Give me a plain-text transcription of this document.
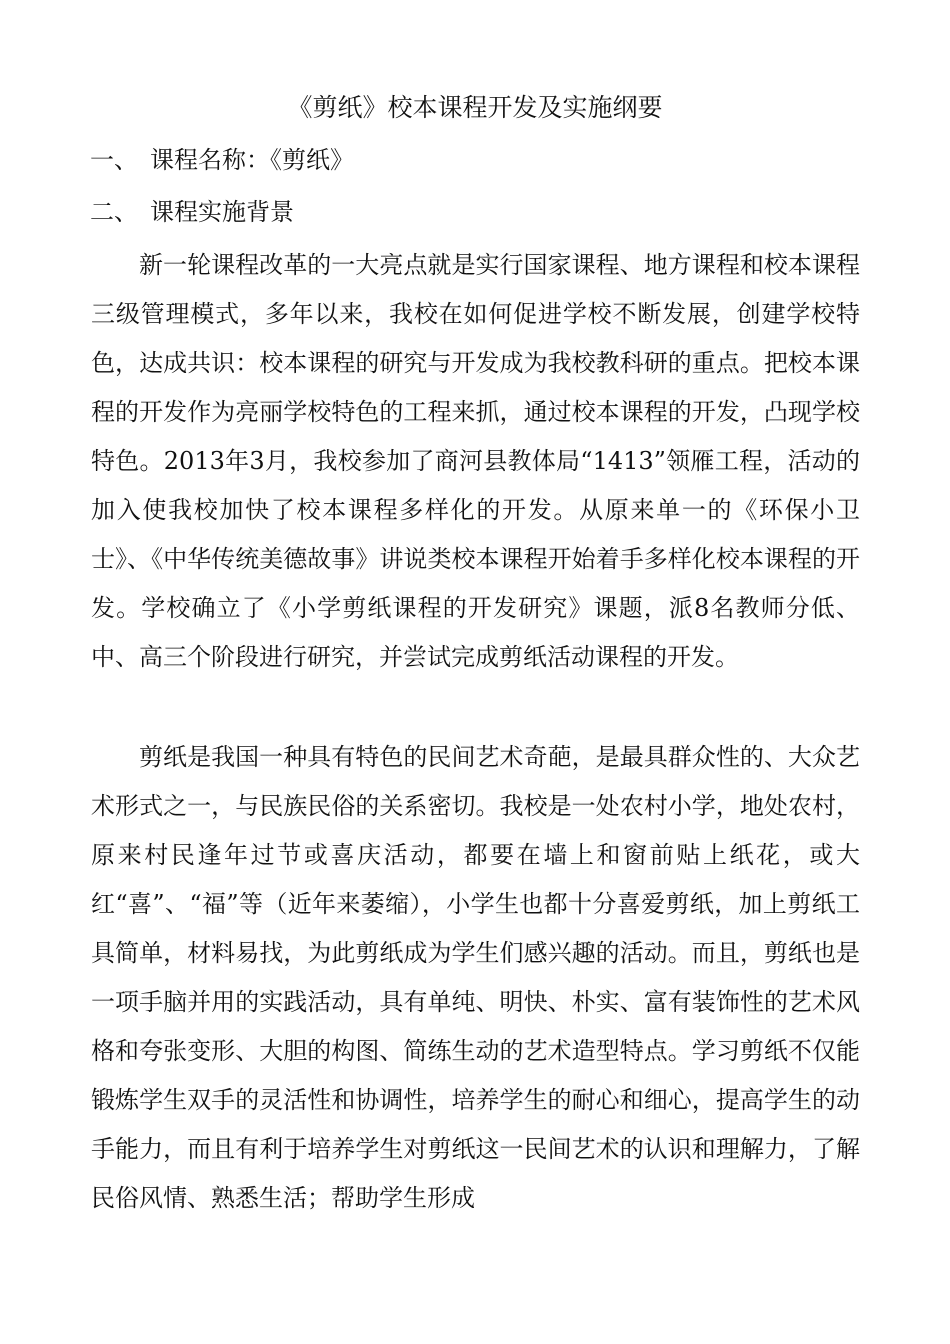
《剪纸》校本课程开发及实施纲要
一、 课程名称：《剪纸》
二、 课程实施背景

新一轮课程改革的一大亮点就是实行国家课程、地方课程和校本课程三级管理模式，多年以来，我校在如何促进学校不断发展，创建学校特色，达成共识：校本课程的研究与开发成为我校教科研的重点。把校本课程的开发作为亮丽学校特色的工程来抓，通过校本课程的开发，凸现学校特色。2013年3月，我校参加了商河县教体局“1413”领雁工程，活动的加入使我校加快了校本课程多样化的开发。从原来单一的《环保小卫士》、《中华传统美德故事》讲说类校本课程开始着手多样化校本课程的开发。学校确立了《小学剪纸课程的开发研究》课题，派8名教师分低、中、高三个阶段进行研究，并尝试完成剪纸活动课程的开发。

剪纸是我国一种具有特色的民间艺术奇葩，是最具群众性的、大众艺术形式之一，与民族民俗的关系密切。我校是一处农村小学，地处农村，原来村民逢年过节或喜庆活动，都要在墙上和窗前贴上纸花，或大红“喜”、“福”等（近年来萎缩），小学生也都十分喜爱剪纸，加上剪纸工具简单，材料易找，为此剪纸成为学生们感兴趣的活动。而且，剪纸也是一项手脑并用的实践活动，具有单纯、明快、朴实、富有装饰性的艺术风格和夸张变形、大胆的构图、简练生动的艺术造型特点。学习剪纸不仅能锻炼学生双手的灵活性和协调性，培养学生的耐心和细心，提高学生的动手能力，而且有利于培养学生对剪纸这一民间艺术的认识和理解力，了解民俗风情、熟悉生活；帮助学生形成
